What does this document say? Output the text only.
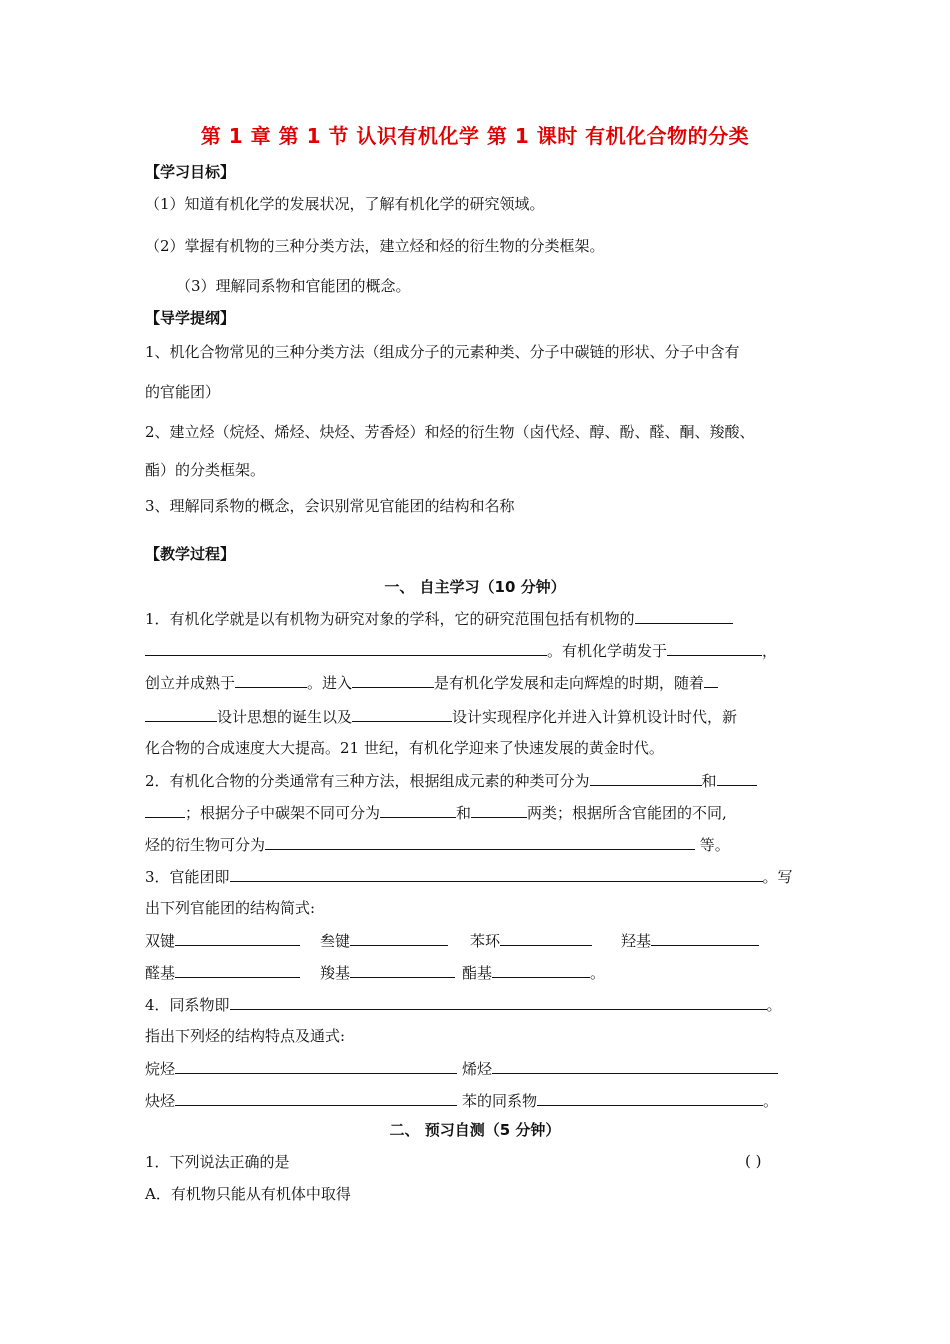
第 1 章 第 1 节 认识有机化学 第 1 课时 有机化合物的分类
【学习目标】
（1）知道有机化学的发展状况，了解有机化学的研究领域。
（2）掌握有机物的三种分类方法，建立烃和烃的衍生物的分类框架。
（3）理解同系物和官能团的概念。
【导学提纲】
1、机化合物常见的三种分类方法（组成分子的元素种类、分子中碳链的形状、分子中含有
的官能团）
2、建立烃（烷烃、烯烃、炔烃、芳香烃）和烃的衍生物（卤代烃、醇、酚、醛、酮、羧酸、
酯）的分类框架。
3、理解同系物的概念，会识别常见官能团的结构和名称
【教学过程】
一、 自主学习（10 分钟）
1．有机化学就是以有机物为研究对象的学科，它的研究范围包括有机物的
。有机化学萌发于	，
创立并成熟于	。进入	是有机化学发展和走向辉煌的时期，随着
设计思想的诞生以及	设计实现程序化并进入计算机设计时代，新
化合物的合成速度大大提高。21 世纪，有机化学迎来了快速发展的黄金时代。
2．有机化合物的分类通常有三种方法，根据组成元素的种类可分为	和
；根据分子中碳架不同可分为	和	两类；根据所含官能团的不同,
烃的衍生物可分为	等。
3．官能团即	。写
出下列官能团的结构简式:
双键	叁键	苯环	羟基
醛基	羧基	酯基	。
4．同系物即	。
指出下列烃的结构特点及通式:
烷烃	烯烃
炔烃	苯的同系物	。
二、 预习自测（5 分钟）
1．下列说法正确的是	( )
A．有机物只能从有机体中取得
